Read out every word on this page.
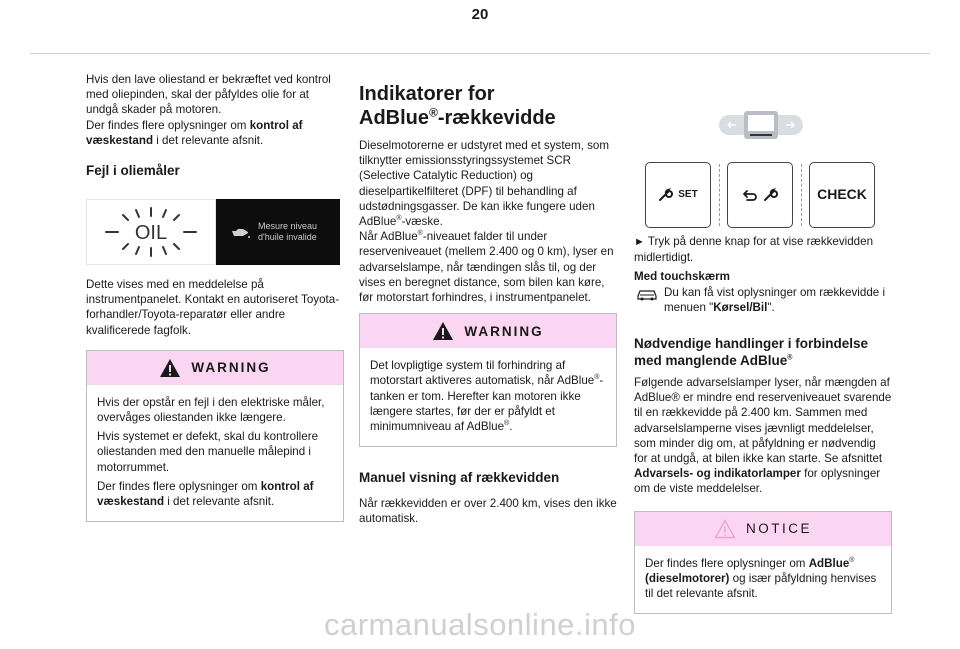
20

Hvis den lave oliestand er bekræftet ved kontrol med oliepinden, skal der påfyldes olie for at undgå skader på motoren.
Der findes flere oplysninger om kontrol af væskestand i det relevante afsnit.

Fejl i oliemåler
OIL	Mesure niveau
d'huile invalide

Dette vises med en meddelelse på instrumentpanelet. Kontakt en autoriseret Toyota-forhandler/Toyota-reparatør eller andre kvalificerede fagfolk.

WARNING

Hvis der opstår en fejl i den elektriske måler, overvåges oliestanden ikke længere.

Hvis systemet er defekt, skal du kontrollere oliestanden med den manuelle målepind i motorrummet.

Der findes flere oplysninger om kontrol af væskestand i det relevante afsnit.

Indikatorer for
AdBlue®-rækkevidde

Dieselmotorerne er udstyret med et system, som tilknytter emissionsstyringssystemet SCR (Selective Catalytic Reduction) og dieselpartikelfilteret (DPF) til behandling af udstødningsgasser. De kan ikke fungere uden AdBlue®-væske.
Når AdBlue®-niveauet falder til under reserveniveauet (mellem 2.400 og 0 km), lyser en advarselslampe, når tændingen slås til, og der vises en beregnet distance, som bilen kan køre, før motorstart forhindres, i instrumentpanelet.

WARNING

Det lovpligtige system til forhindring af motorstart aktiveres automatisk, når AdBlue®-tanken er tom. Herefter kan motoren ikke længere startes, før der er påfyldt et minimumniveau af AdBlue®.

Manuel visning af rækkevidden

Når rækkevidden er over 2.400 km, vises den ikke automatisk.

SET	CHECK

► Tryk på denne knap for at vise rækkevidden midlertidigt.

Med touchskærm

Du kan få vist oplysninger om rækkevidde i menuen "Kørsel/Bil".

Nødvendige handlinger i forbindelse med manglende AdBlue®

Følgende advarselslamper lyser, når mængden af AdBlue® er mindre end reserveniveauet svarende til en rækkevidde på 2.400 km. Sammen med advarselslamperne vises jævnligt meddelelser, som minder dig om, at påfyldning er nødvendig for at undgå, at bilen ikke kan starte. Se afsnittet Advarsels- og indikatorlamper for oplysninger om de viste meddelelser.

NOTICE

Der findes flere oplysninger om AdBlue® (dieselmotorer) og især påfyldning henvises til det relevante afsnit.

carmanualsonline.info
